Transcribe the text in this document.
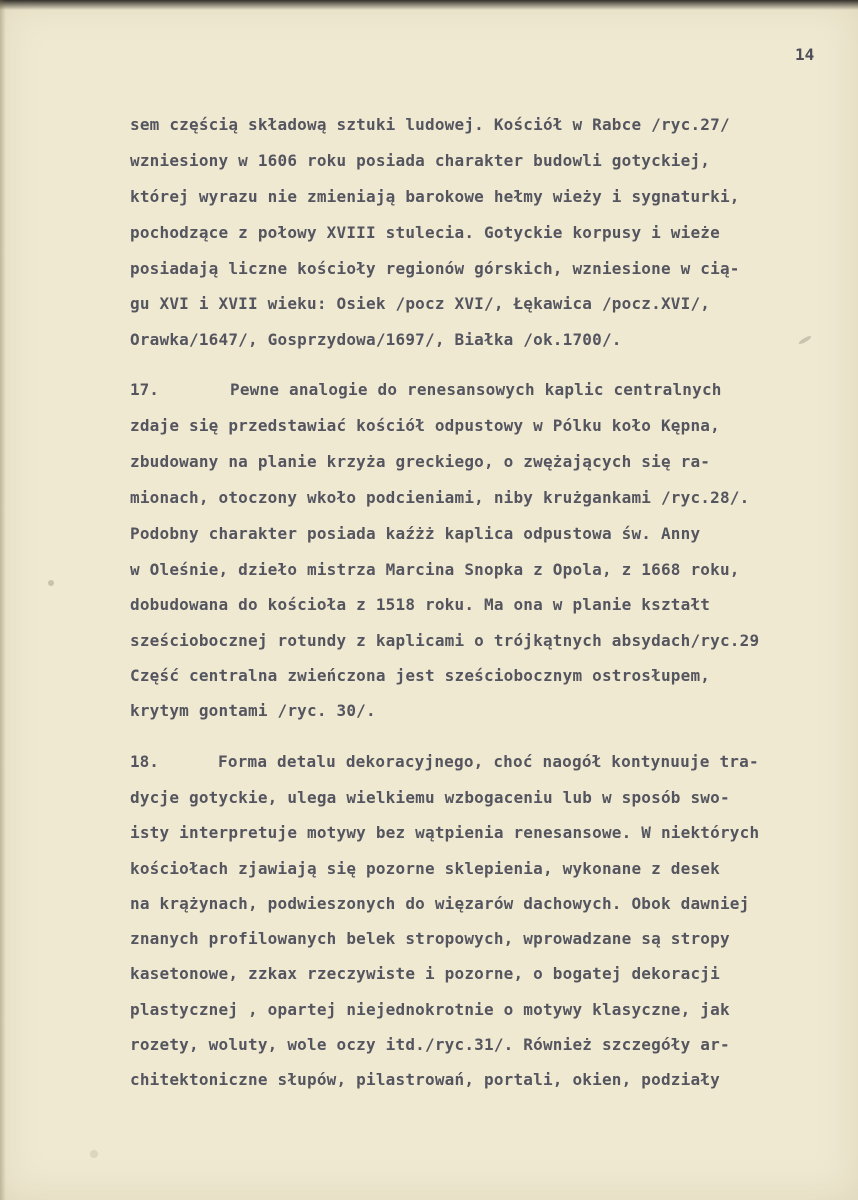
14
sem częścią składową sztuki ludowej. Kościół w Rabce /ryc.27/
wzniesiony w 1606 roku posiada charakter budowli gotyckiej,
której wyrazu nie zmieniają barokowe hełmy wieży i sygnaturki,
pochodzące z połowy XVIII stulecia. Gotyckie korpusy i wieże
posiadają liczne kościoły regionów górskich, wzniesione w cią-
gu XVI i XVII wieku: Osiek /pocz XVI/, Łękawica /pocz.XVI/,
Orawka/1647/, Gosprzydowa/1697/, Białka /ok.1700/.
17.	Pewne analogie do renesansowych kaplic centralnych
zdaje się przedstawiać kościół odpustowy w Pólku koło Kępna,
zbudowany na planie krzyża greckiego, o zwężających się ra-
mionach, otoczony wkoło podcieniami, niby krużgankami /ryc.28/.
Podobny charakter posiada kaźżż kaplica odpustowa św. Anny
w Oleśnie, dzieło mistrza Marcina Snopka z Opola, z 1668 roku,
dobudowana do kościoła z 1518 roku. Ma ona w planie kształt
sześciobocznej rotundy z kaplicami o trójkątnych absydach/ryc.29
Część centralna zwieńczona jest sześciobocznym ostrosłupem,
krytym gontami /ryc. 30/.
18.	Forma detalu dekoracyjnego, choć naogół kontynuuje tra-
dycje gotyckie, ulega wielkiemu wzbogaceniu lub w sposób swo-
isty interpretuje motywy bez wątpienia renesansowe. W niektórych
kościołach zjawiają się pozorne sklepienia, wykonane z desek
na krążynach, podwieszonych do więzarów dachowych. Obok dawniej
znanych profilowanych belek stropowych, wprowadzane są stropy
kasetonowe, zzkax rzeczywiste i pozorne, o bogatej dekoracji
plastycznej , opartej niejednokrotnie o motywy klasyczne, jak
rozety, woluty, wole oczy itd./ryc.31/. Również szczegóły ar-
chitektoniczne słupów, pilastrowań, portali, okien, podziały
